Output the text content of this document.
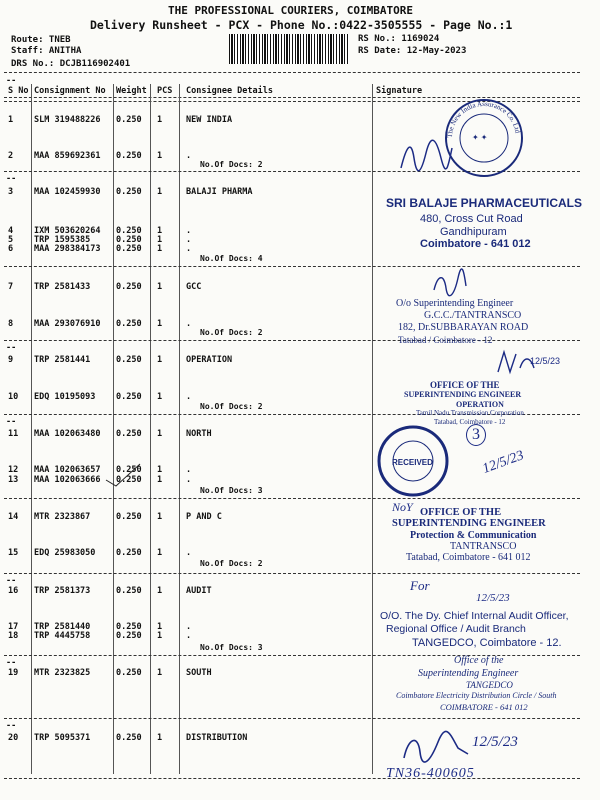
THE PROFESSIONAL COURIERS, COIMBATORE
Delivery Runsheet - PCX - Phone No.:0422-3505555 - Page No.:1
Route: TNEB
Staff: ANITHA
DRS No.: DCJB116902401
RS No.: 1169024
RS Date: 12-May-2023
--
S No Consignment No Weight PCS Consignee Details	Signature
1 SLM 319488226 0.250 1	NEW INDIA
2 MAA 859692361 0.250 1	.
No.Of Docs: 2
--
3 MAA 102459930 0.250 1	BALAJI PHARMA
4 IXM 503620264 0.250 1	.
5 TRP 1595385	0.250 1	.
6 MAA 298384173 0.250 1	.
No.Of Docs: 4
7 TRP 2581433	0.250 1	GCC
8 MAA 293076910 0.250 1	.
No.Of Docs: 2
--
9 TRP 2581441	0.250 1	OPERATION
10 EDQ 10195093 0.250 1	.
No.Of Docs: 2
--
11 MAA 102063480 0.250 1	NORTH
12 MAA 102063657 0.250 1	.
13 MAA 102063666 0.250 1	.
No.Of Docs: 3
14 MTR 2323867	0.250 1	P AND C
15 EDQ 25983050 0.250 1	.
No.Of Docs: 2
--
16 TRP 2581373	0.250 1	AUDIT
17 TRP 2581440	0.250 1	.
18 TRP 4445758	0.250 1	.
No.Of Docs: 3
--
19 MTR 2323825	0.250 1	SOUTH
--
20 TRP 5095371	0.250 1	DISTRIBUTION
The New India Assurance Co. Ltd
✦ ✦
SRI BALAJE PHARMACEUTICALS
480, Cross Cut Road
Gandhipuram
Coimbatore - 641 012
O/o Superintending Engineer
G.C.C./TANTRANSCO
182, Dr.SUBBARAYAN ROAD
Tatabad / Coimbatore - 12
12/5/23
OFFICE OF THE
SUPERINTENDING ENGINEER
OPERATION
Tamil Nadu Transmission Corporation
Tatabad, Coimbatore - 12
RECEIVED
3
12/5/23
NoY OFFICE OF THE
SUPERINTENDING ENGINEER
Protection & Communication
TANTRANSCO
Tatabad, Coimbatore - 641 012
For
12/5/23
O/O. The Dy. Chief Internal Audit Officer,
Regional Office / Audit Branch
TANGEDCO, Coimbatore - 12.
Office of the
Superintending Engineer
TANGEDCO
Coimbatore Electricity Distribution Circle / South
COIMBATORE - 641 012
12/5/23
TN36-400605
